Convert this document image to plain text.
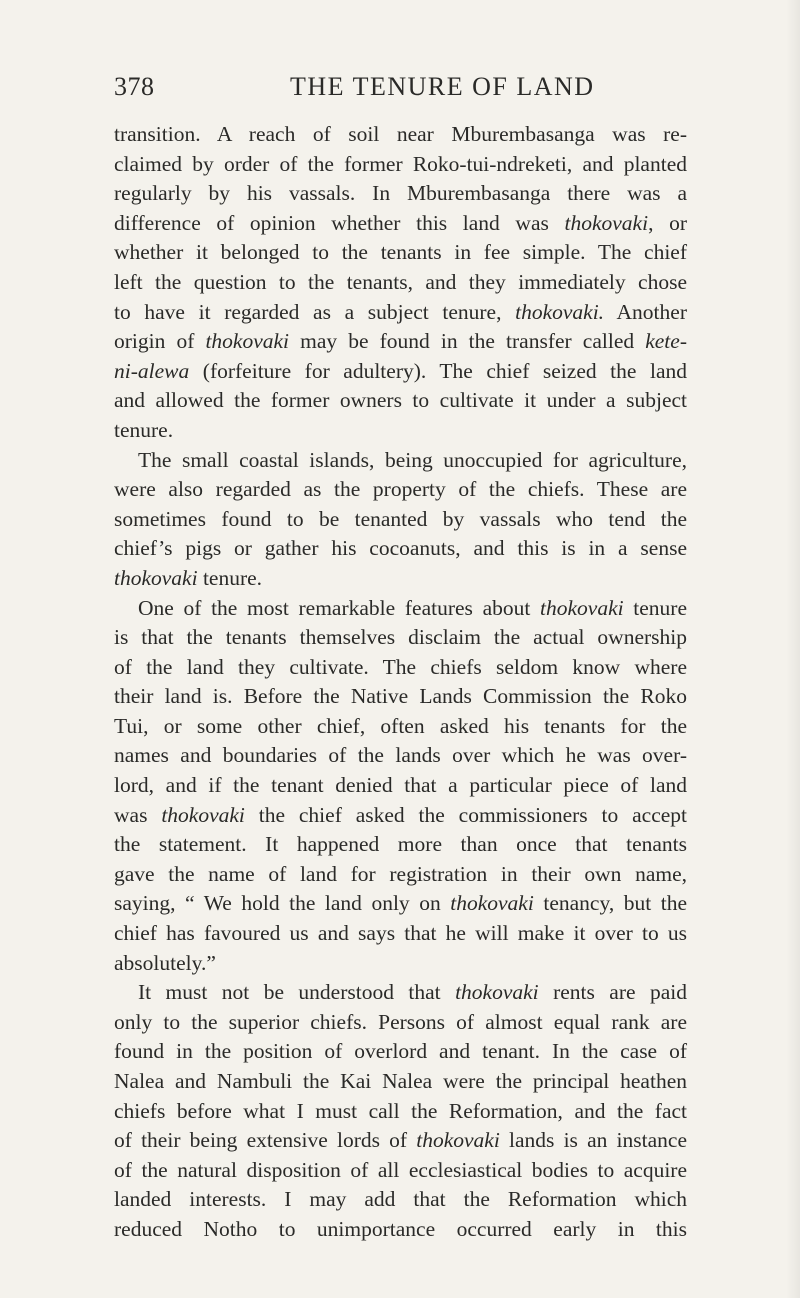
378	THE TENURE OF LAND
transition. A reach of soil near Mburembasanga was re-
claimed by order of the former Roko-tui-ndreketi, and planted
regularly by his vassals. In Mburembasanga there was a
difference of opinion whether this land was thokovaki, or
whether it belonged to the tenants in fee simple. The chief
left the question to the tenants, and they immediately chose
to have it regarded as a subject tenure, thokovaki. Another
origin of thokovaki may be found in the transfer called kete-
ni-alewa (forfeiture for adultery). The chief seized the land
and allowed the former owners to cultivate it under a subject
tenure.
The small coastal islands, being unoccupied for agriculture,
were also regarded as the property of the chiefs. These are
sometimes found to be tenanted by vassals who tend the
chief’s pigs or gather his cocoanuts, and this is in a sense
thokovaki tenure.
One of the most remarkable features about thokovaki tenure
is that the tenants themselves disclaim the actual ownership
of the land they cultivate. The chiefs seldom know where
their land is. Before the Native Lands Commission the Roko
Tui, or some other chief, often asked his tenants for the
names and boundaries of the lands over which he was over-
lord, and if the tenant denied that a particular piece of land
was thokovaki the chief asked the commissioners to accept
the statement. It happened more than once that tenants
gave the name of land for registration in their own name,
saying, “ We hold the land only on thokovaki tenancy, but the
chief has favoured us and says that he will make it over to us
absolutely.”
It must not be understood that thokovaki rents are paid
only to the superior chiefs. Persons of almost equal rank are
found in the position of overlord and tenant. In the case of
Nalea and Nambuli the Kai Nalea were the principal heathen
chiefs before what I must call the Reformation, and the fact
of their being extensive lords of thokovaki lands is an instance
of the natural disposition of all ecclesiastical bodies to acquire
landed interests. I may add that the Reformation which
reduced Notho to unimportance occurred early in this
